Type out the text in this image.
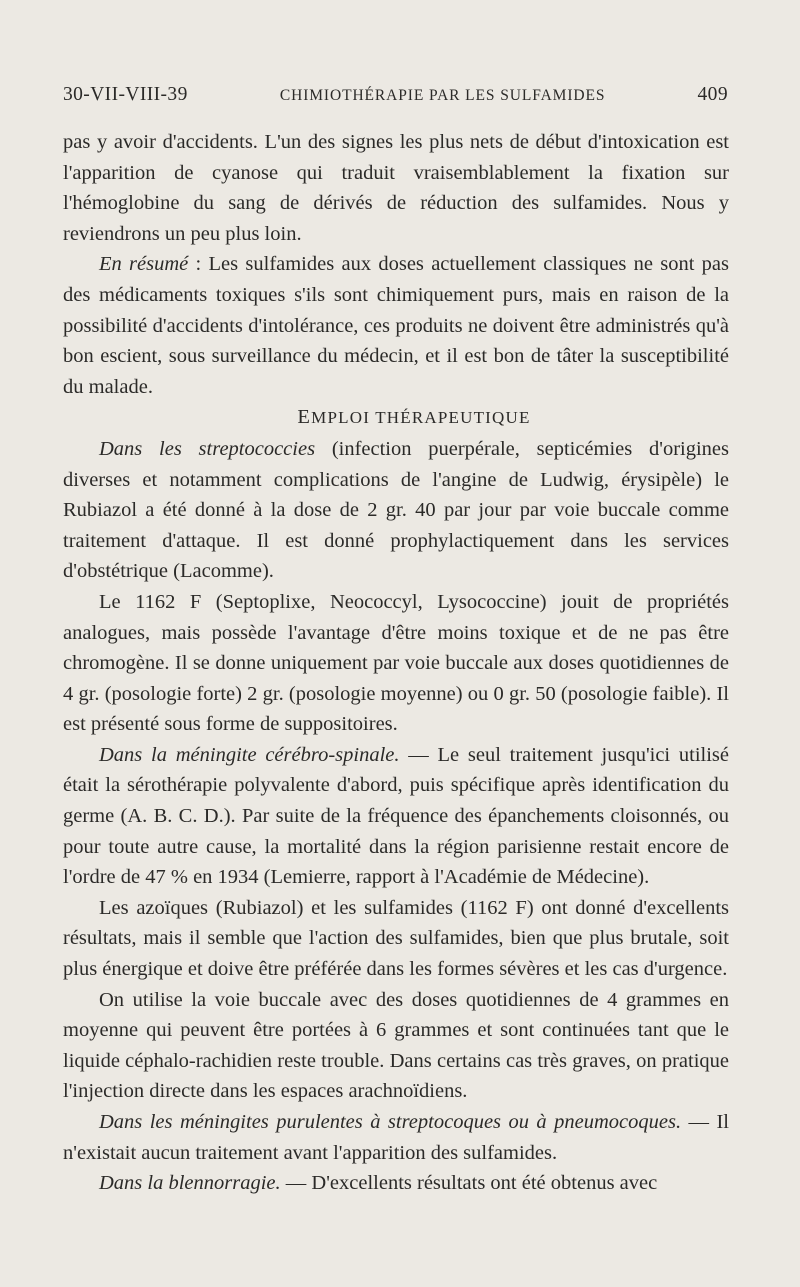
30-VII-VIII-39	CHIMIOTHÉRAPIE PAR LES SULFAMIDES	409

pas y avoir d'accidents. L'un des signes les plus nets de début d'intoxication est l'apparition de cyanose qui traduit vraisemblablement la fixation sur l'hémoglobine du sang de dérivés de réduction des sulfamides. Nous y reviendrons un peu plus loin.

En résumé : Les sulfamides aux doses actuellement classiques ne sont pas des médicaments toxiques s'ils sont chimiquement purs, mais en raison de la possibilité d'accidents d'intolérance, ces produits ne doivent être administrés qu'à bon escient, sous surveillance du médecin, et il est bon de tâter la susceptibilité du malade.

EMPLOI THÉRAPEUTIQUE

Dans les streptococcies (infection puerpérale, septicémies d'origines diverses et notamment complications de l'angine de Ludwig, érysipèle) le Rubiazol a été donné à la dose de 2 gr. 40 par jour par voie buccale comme traitement d'attaque. Il est donné prophylactiquement dans les services d'obstétrique (Lacomme).

Le 1162 F (Septoplixe, Neococcyl, Lysococcine) jouit de propriétés analogues, mais possède l'avantage d'être moins toxique et de ne pas être chromogène. Il se donne uniquement par voie buccale aux doses quotidiennes de 4 gr. (posologie forte) 2 gr. (posologie moyenne) ou 0 gr. 50 (posologie faible). Il est présenté sous forme de suppositoires.

Dans la méningite cérébro-spinale. — Le seul traitement jusqu'ici utilisé était la sérothérapie polyvalente d'abord, puis spécifique après identification du germe (A. B. C. D.). Par suite de la fréquence des épanchements cloisonnés, ou pour toute autre cause, la mortalité dans la région parisienne restait encore de l'ordre de 47 % en 1934 (Lemierre, rapport à l'Académie de Médecine).

Les azoïques (Rubiazol) et les sulfamides (1162 F) ont donné d'excellents résultats, mais il semble que l'action des sulfamides, bien que plus brutale, soit plus énergique et doive être préférée dans les formes sévères et les cas d'urgence.

On utilise la voie buccale avec des doses quotidiennes de 4 grammes en moyenne qui peuvent être portées à 6 grammes et sont continuées tant que le liquide céphalo-rachidien reste trouble. Dans certains cas très graves, on pratique l'injection directe dans les espaces arachnoïdiens.

Dans les méningites purulentes à streptocoques ou à pneumocoques. — Il n'existait aucun traitement avant l'apparition des sulfamides.

Dans la blennorragie. — D'excellents résultats ont été obtenus avec
